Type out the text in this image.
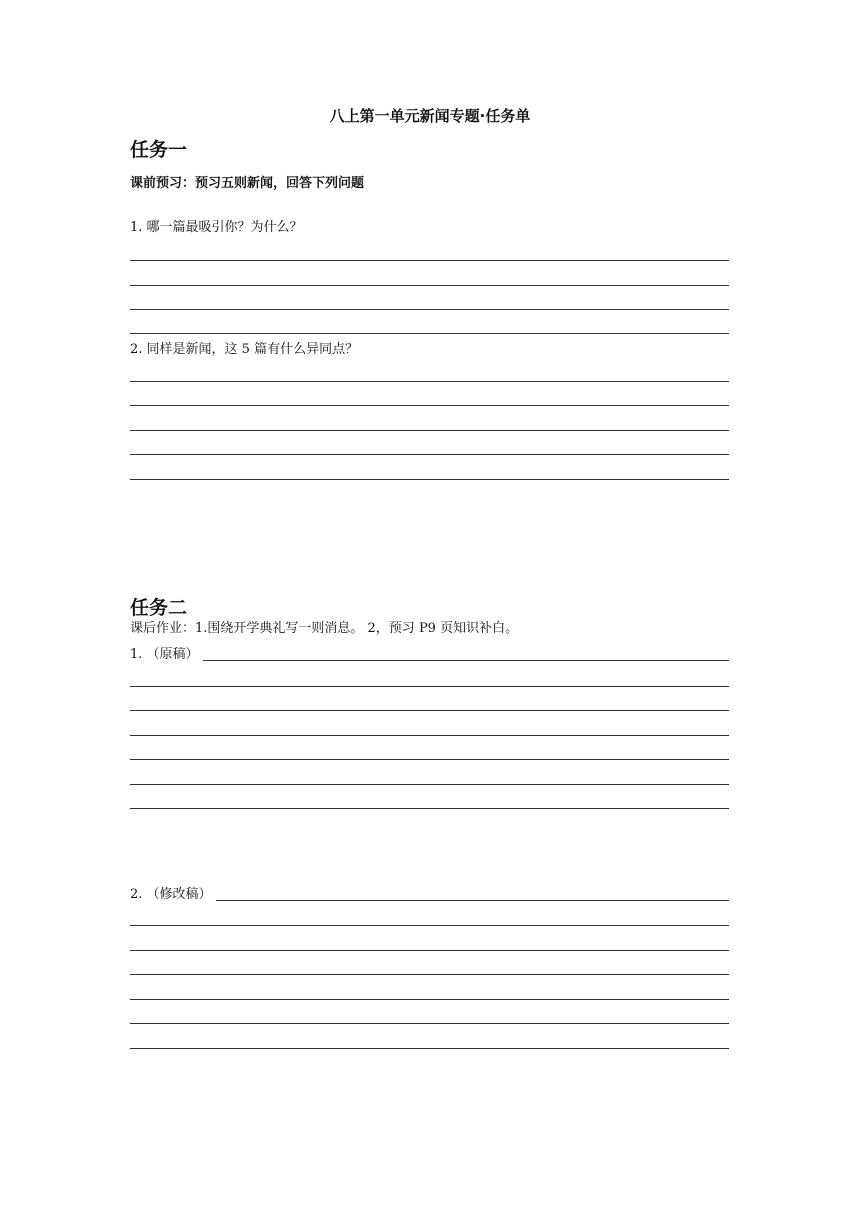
八上第一单元新闻专题·任务单
任务一
课前预习：预习五则新闻，回答下列问题
1. 哪一篇最吸引你？为什么？
2. 同样是新闻，这 5 篇有什么异同点？
任务二
课后作业：1.围绕开学典礼写一则消息。 2，预习 P9 页知识补白。
1. （原稿）
2. （修改稿）
